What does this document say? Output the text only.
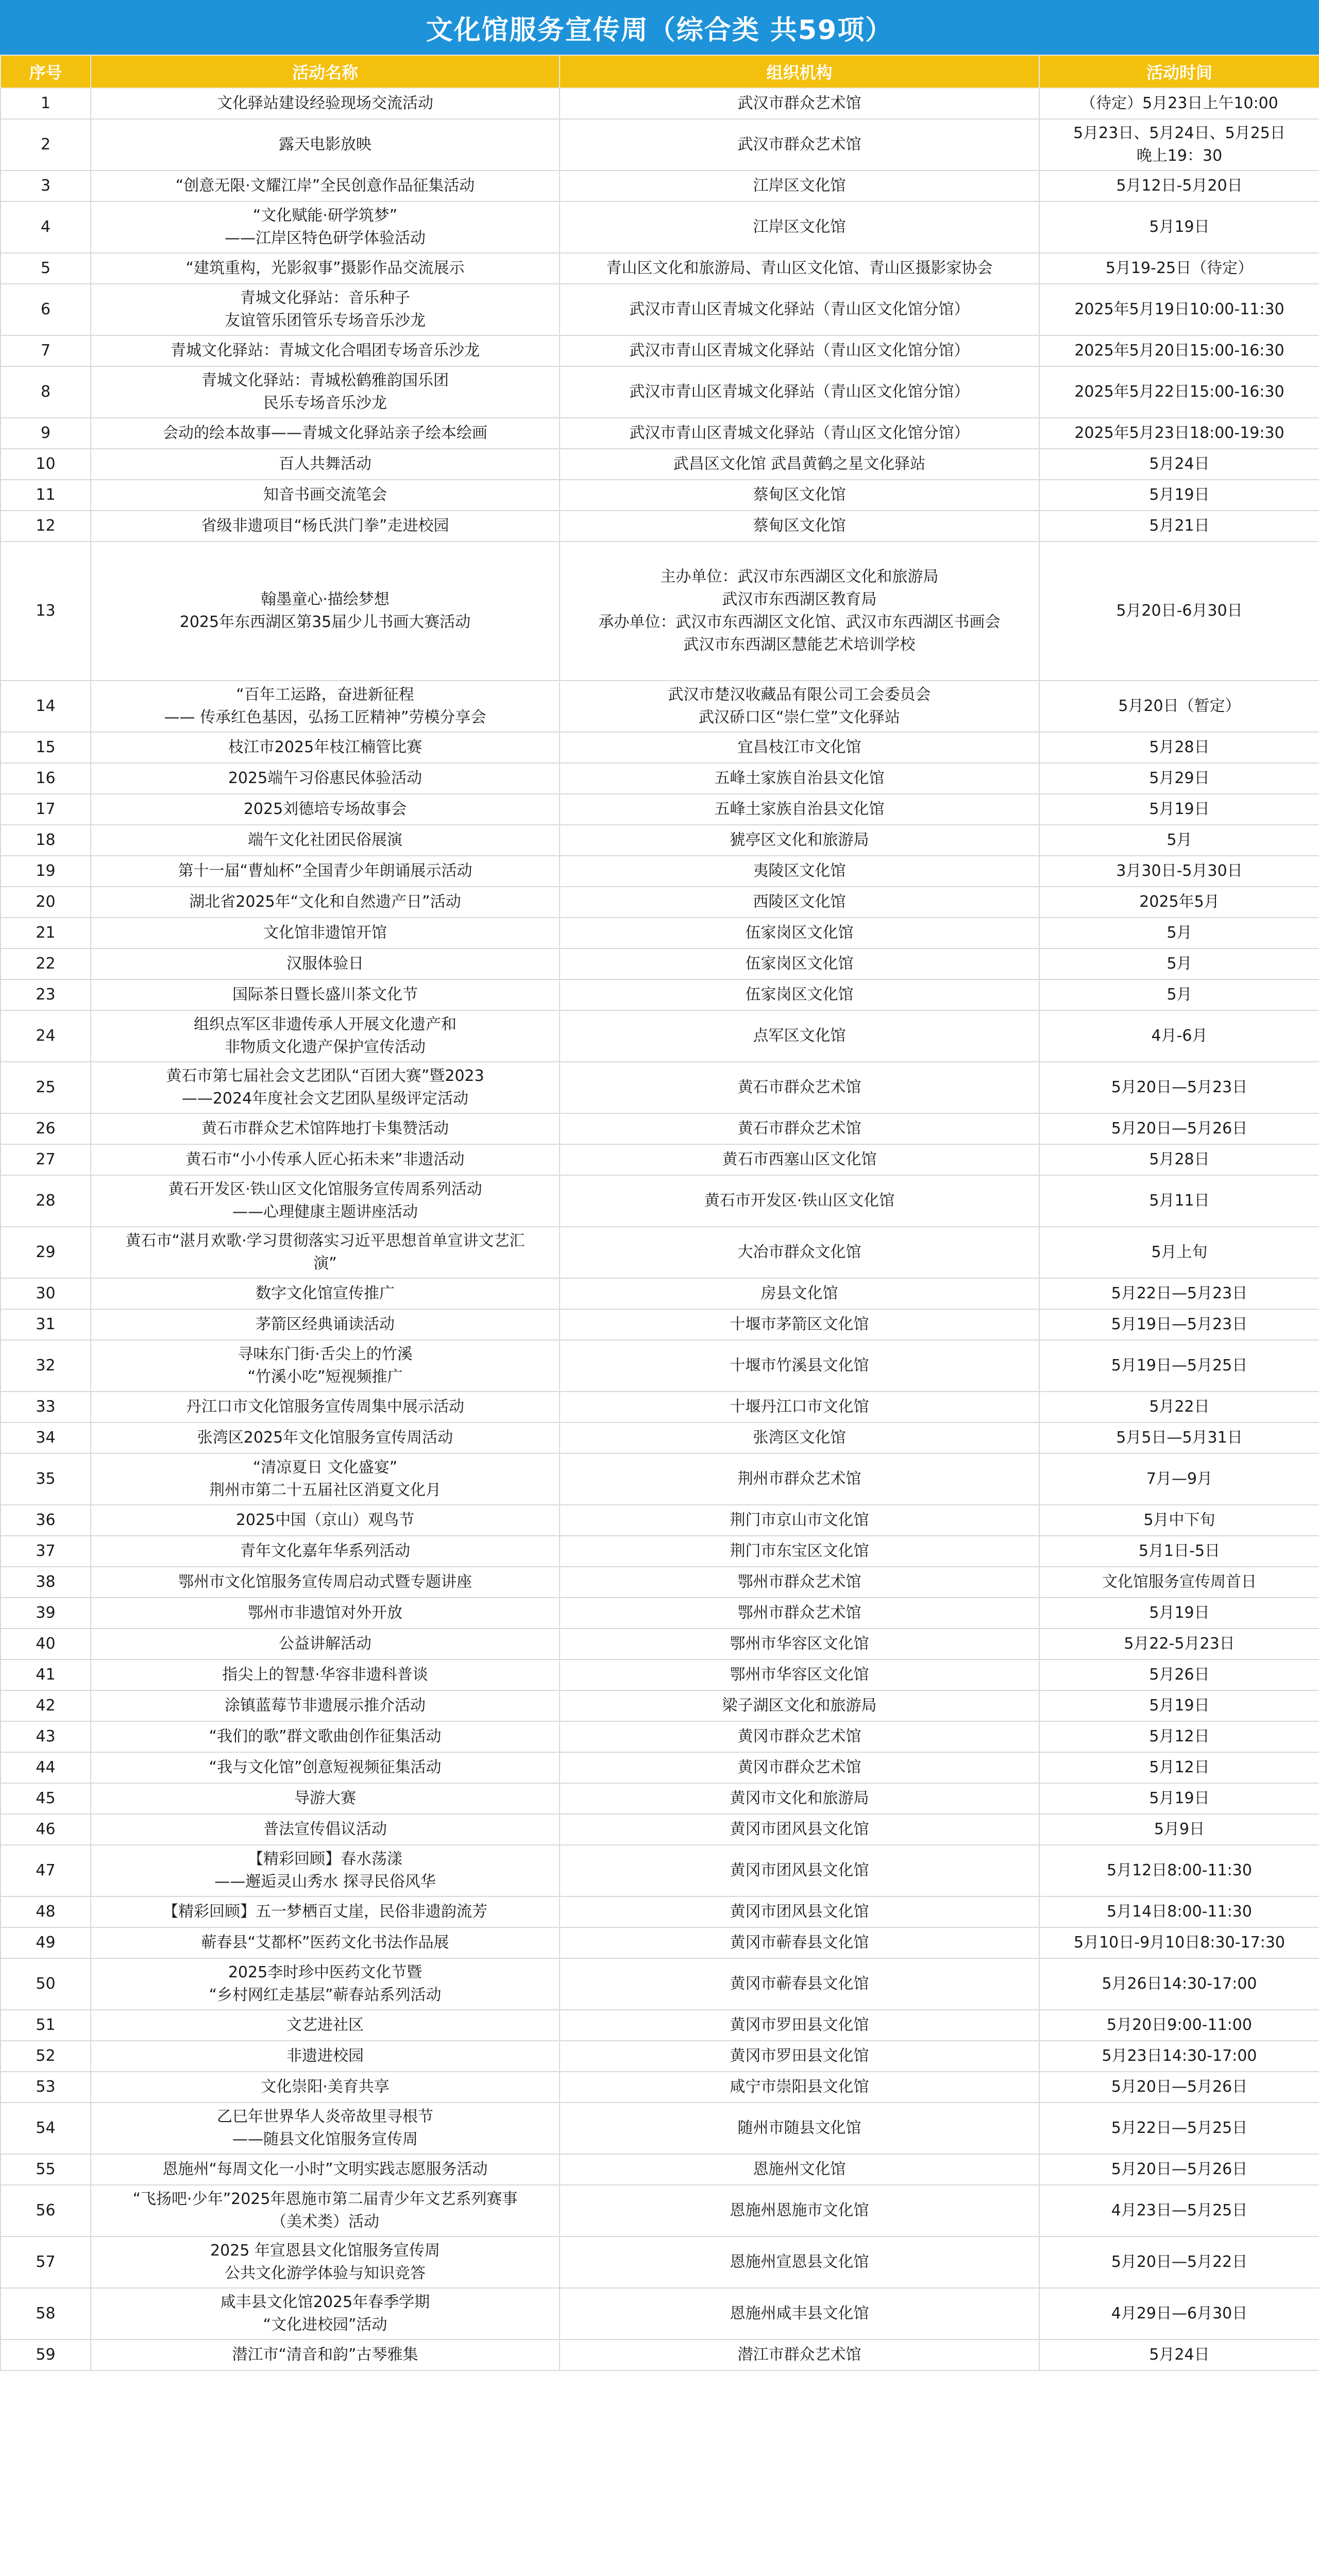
文化馆服务宣传周（综合类 共59项）
序号	活动名称	组织机构	活动时间
1	文化驿站建设经验现场交流活动	武汉市群众艺术馆	（待定）5月23日上午10:00
2	露天电影放映	武汉市群众艺术馆	5月23日、5月24日、5月25日
晚上19：30
3	“创意无限·文耀江岸”全民创意作品征集活动	江岸区文化馆	5月12日-5月20日
4	“文化赋能·研学筑梦”
——江岸区特色研学体验活动	江岸区文化馆	5月19日
5	“建筑重构，光影叙事”摄影作品交流展示	青山区文化和旅游局、青山区文化馆、青山区摄影家协会	5月19-25日（待定）
6	青城文化驿站：音乐种子
友谊管乐团管乐专场音乐沙龙	武汉市青山区青城文化驿站（青山区文化馆分馆）	2025年5月19日10:00-11:30
7	青城文化驿站：青城文化合唱团专场音乐沙龙	武汉市青山区青城文化驿站（青山区文化馆分馆）	2025年5月20日15:00-16:30
8	青城文化驿站：青城松鹤雅韵国乐团
民乐专场音乐沙龙	武汉市青山区青城文化驿站（青山区文化馆分馆）	2025年5月22日15:00-16:30
9	会动的绘本故事——青城文化驿站亲子绘本绘画	武汉市青山区青城文化驿站（青山区文化馆分馆）	2025年5月23日18:00-19:30
10	百人共舞活动	武昌区文化馆 武昌黄鹤之星文化驿站	5月24日
11	知音书画交流笔会	蔡甸区文化馆	5月19日
12	省级非遗项目“杨氏洪门拳”走进校园	蔡甸区文化馆	5月21日
13	翰墨童心·描绘梦想
2025年东西湖区第35届少儿书画大赛活动	主办单位：武汉市东西湖区文化和旅游局
武汉市东西湖区教育局
承办单位：武汉市东西湖区文化馆、武汉市东西湖区书画会
武汉市东西湖区慧能艺术培训学校	5月20日-6月30日
14	“百年工运路，奋进新征程
—— 传承红色基因，弘扬工匠精神”劳模分享会	武汉市楚汉收藏品有限公司工会委员会
武汉硚口区“崇仁堂”文化驿站	5月20日（暂定）
15	枝江市2025年枝江楠管比赛	宜昌枝江市文化馆	5月28日
16	2025端午习俗惠民体验活动	五峰土家族自治县文化馆	5月29日
17	2025刘德培专场故事会	五峰土家族自治县文化馆	5月19日
18	端午文化社团民俗展演	猇亭区文化和旅游局	5月
19	第十一届“曹灿杯”全国青少年朗诵展示活动	夷陵区文化馆	3月30日-5月30日
20	湖北省2025年“文化和自然遗产日”活动	西陵区文化馆	2025年5月
21	文化馆非遗馆开馆	伍家岗区文化馆	5月
22	汉服体验日	伍家岗区文化馆	5月
23	国际茶日暨长盛川茶文化节	伍家岗区文化馆	5月
24	组织点军区非遗传承人开展文化遗产和
非物质文化遗产保护宣传活动	点军区文化馆	4月-6月
25	黄石市第七届社会文艺团队“百团大赛”暨2023
——2024年度社会文艺团队星级评定活动	黄石市群众艺术馆	5月20日—5月23日
26	黄石市群众艺术馆阵地打卡集赞活动	黄石市群众艺术馆	5月20日—5月26日
27	黄石市“小小传承人匠心拓未来”非遗活动	黄石市西塞山区文化馆	5月28日
28	黄石开发区·铁山区文化馆服务宣传周系列活动
——心理健康主题讲座活动	黄石市开发区·铁山区文化馆	5月11日
29	黄石市“湛月欢歌·学习贯彻落实习近平思想首单宣讲文艺汇
演”	大冶市群众文化馆	5月上旬
30	数字文化馆宣传推广	房县文化馆	5月22日—5月23日
31	茅箭区经典诵读活动	十堰市茅箭区文化馆	5月19日—5月23日
32	寻味东门街·舌尖上的竹溪
“竹溪小吃”短视频推广	十堰市竹溪县文化馆	5月19日—5月25日
33	丹江口市文化馆服务宣传周集中展示活动	十堰丹江口市文化馆	5月22日
34	张湾区2025年文化馆服务宣传周活动	张湾区文化馆	5月5日—5月31日
35	“清凉夏日 文化盛宴”
荆州市第二十五届社区消夏文化月	荆州市群众艺术馆	7月—9月
36	2025中国（京山）观鸟节	荆门市京山市文化馆	5月中下旬
37	青年文化嘉年华系列活动	荆门市东宝区文化馆	5月1日-5日
38	鄂州市文化馆服务宣传周启动式暨专题讲座	鄂州市群众艺术馆	文化馆服务宣传周首日
39	鄂州市非遗馆对外开放	鄂州市群众艺术馆	5月19日
40	公益讲解活动	鄂州市华容区文化馆	5月22-5月23日
41	指尖上的智慧·华容非遗科普谈	鄂州市华容区文化馆	5月26日
42	涂镇蓝莓节非遗展示推介活动	梁子湖区文化和旅游局	5月19日
43	“我们的歌”群文歌曲创作征集活动	黄冈市群众艺术馆	5月12日
44	“我与文化馆”创意短视频征集活动	黄冈市群众艺术馆	5月12日
45	导游大赛	黄冈市文化和旅游局	5月19日
46	普法宣传倡议活动	黄冈市团风县文化馆	5月9日
47	【精彩回顾】春水荡漾
——邂逅灵山秀水 探寻民俗风华	黄冈市团风县文化馆	5月12日8:00-11:30
48	【精彩回顾】五一梦栖百丈崖，民俗非遗韵流芳	黄冈市团风县文化馆	5月14日8:00-11:30
49	蕲春县“艾都杯”医药文化书法作品展	黄冈市蕲春县文化馆	5月10日-9月10日8:30-17:30
50	2025李时珍中医药文化节暨
“乡村网红走基层”蕲春站系列活动	黄冈市蕲春县文化馆	5月26日14:30-17:00
51	文艺进社区	黄冈市罗田县文化馆	5月20日9:00-11:00
52	非遗进校园	黄冈市罗田县文化馆	5月23日14:30-17:00
53	文化崇阳·美育共享	咸宁市崇阳县文化馆	5月20日—5月26日
54	乙巳年世界华人炎帝故里寻根节
——随县文化馆服务宣传周	随州市随县文化馆	5月22日—5月25日
55	恩施州“每周文化一小时”文明实践志愿服务活动	恩施州文化馆	5月20日—5月26日
56	“飞扬吧·少年”2025年恩施市第二届青少年文艺系列赛事
（美术类）活动	恩施州恩施市文化馆	4月23日—5月25日
57	2025 年宣恩县文化馆服务宣传周
公共文化游学体验与知识竞答	恩施州宣恩县文化馆	5月20日—5月22日
58	咸丰县文化馆2025年春季学期
“文化进校园”活动	恩施州咸丰县文化馆	4月29日—6月30日
59	潜江市“清音和韵”古琴雅集	潜江市群众艺术馆	5月24日
